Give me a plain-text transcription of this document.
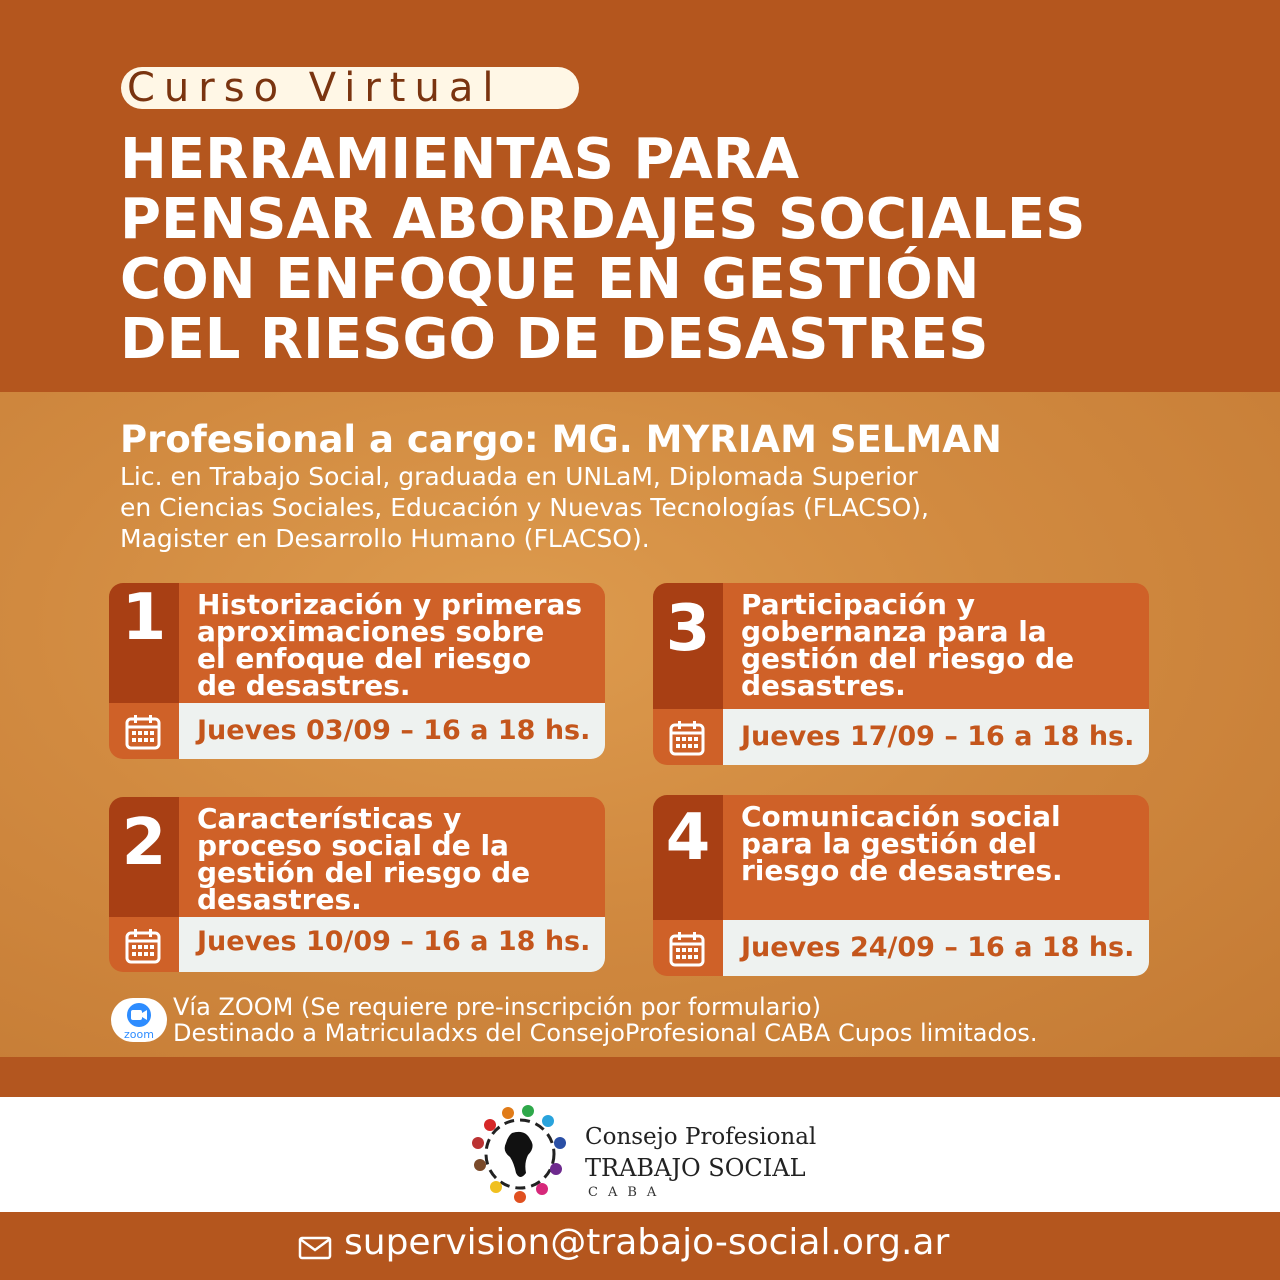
Curso Virtual
HERRAMIENTAS PARA
PENSAR ABORDAJES SOCIALES
CON ENFOQUE EN GESTIÓN
DEL RIESGO DE DESASTRES
Profesional a cargo: MG. MYRIAM SELMAN
Lic. en Trabajo Social, graduada en UNLaM, Diplomada Superior
en Ciencias Sociales, Educación y Nuevas Tecnologías (FLACSO),
Magister en Desarrollo Humano (FLACSO).
1	Historización y primeras
aproximaciones sobre
el enfoque del riesgo
de desastres.
Jueves 03/09 – 16 a 18 hs.
2	Características y
proceso social de la
gestión del riesgo de
desastres.
Jueves 10/09 – 16 a 18 hs.
3	Participación y
gobernanza para la
gestión del riesgo de
desastres.
Jueves 17/09 – 16 a 18 hs.
4	Comunicación social
para la gestión del
riesgo de desastres.
Jueves 24/09 – 16 a 18 hs.
zoom
Vía ZOOM (Se requiere pre-inscripción por formulario)
Destinado a Matriculadxs del ConsejoProfesional CABA Cupos limitados.
Consejo Profesional
TRABAJO SOCIAL
CABA
supervision@trabajo-social.org.ar
